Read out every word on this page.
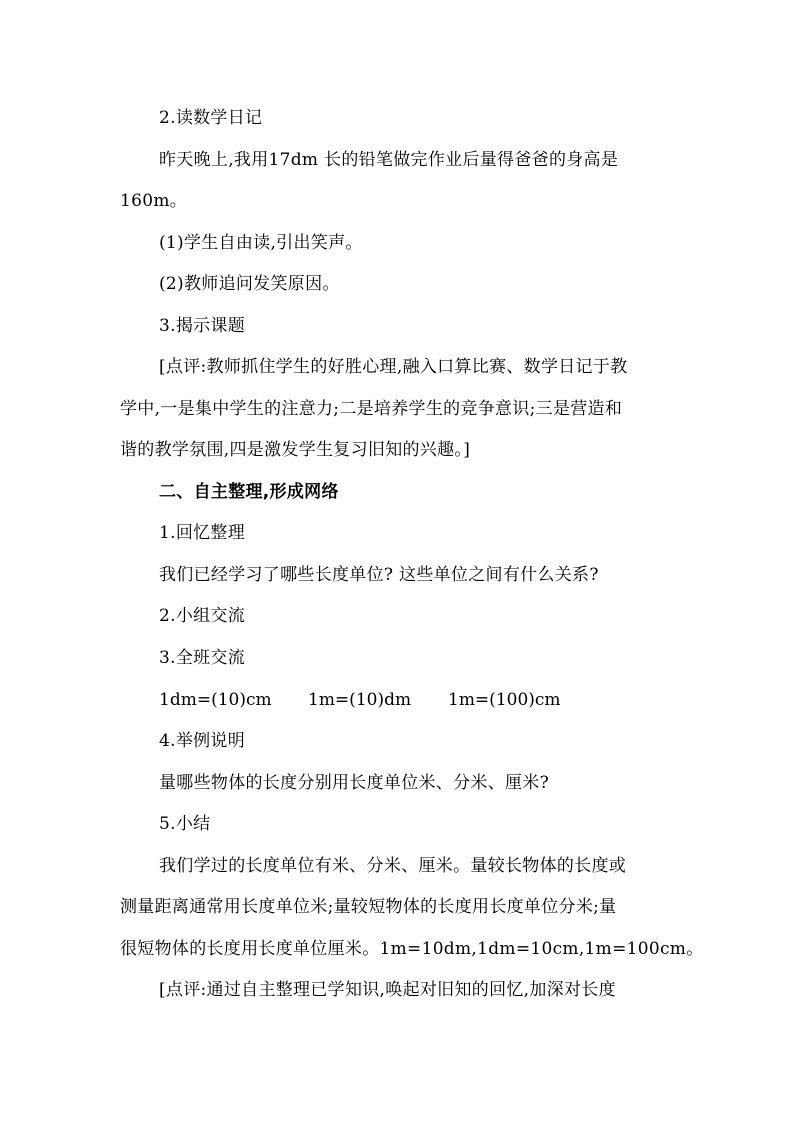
2.读数学日记
昨天晚上,我用17dm 长的铅笔做完作业后量得爸爸的身高是
160m。
(1)学生自由读,引出笑声。
(2)教师追问发笑原因。
3.揭示课题
[点评:教师抓住学生的好胜心理,融入口算比赛、数学日记于教
学中,一是集中学生的注意力;二是培养学生的竞争意识;三是营造和
谐的教学氛围,四是激发学生复习旧知的兴趣。]
二、自主整理,形成网络
1.回忆整理
我们已经学习了哪些长度单位? 这些单位之间有什么关系?
2.小组交流
3.全班交流
1dm=(10)cm 1m=(10)dm 1m=(100)cm
4.举例说明
量哪些物体的长度分别用长度单位米、分米、厘米?
5.小结
我们学过的长度单位有米、分米、厘米。量较长物体的长度或
测量距离通常用长度单位米;量较短物体的长度用长度单位分米;量
很短物体的长度用长度单位厘米。1m=10dm,1dm=10cm,1m=100cm。
[点评:通过自主整理已学知识,唤起对旧知的回忆,加深对长度
